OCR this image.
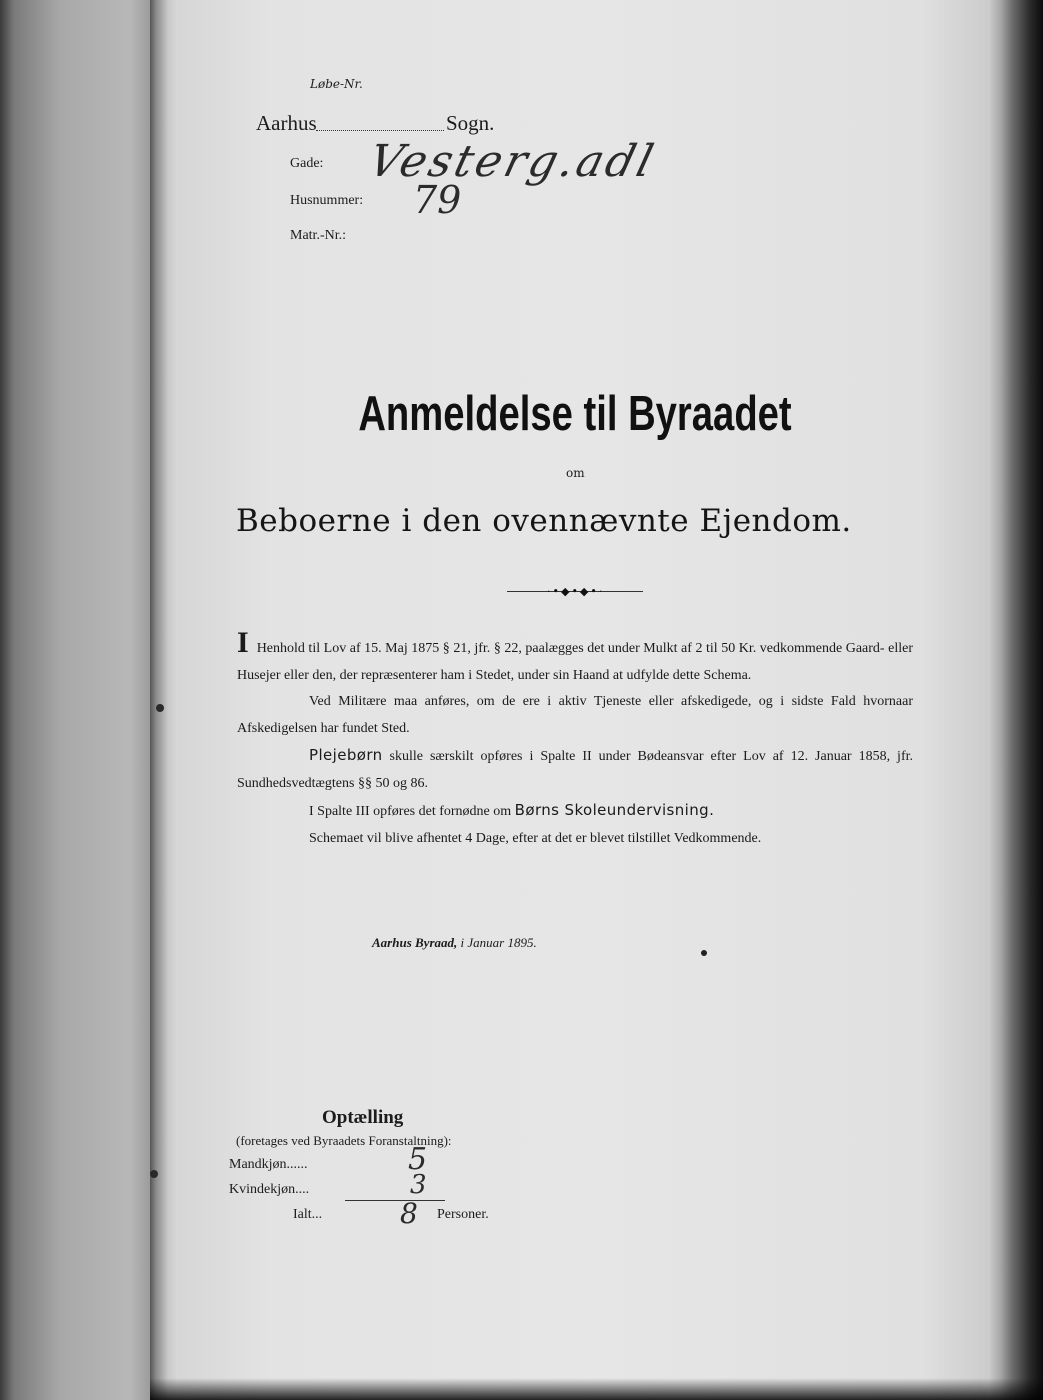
Løbe-Nr.
Aarhus	Sogn.
Gade: Vesterg.adl
Husnummer: 79
Matr.-Nr.:
Anmeldelse til Byraadet
om
Beboerne i den ovennævnte Ejendom.
·•◆•◆•·

I Henhold til Lov af 15. Maj 1875 § 21, jfr. § 22, paalægges det under Mulkt af 2 til 50 Kr. vedkommende Gaard- eller Husejer eller den, der repræsenterer ham i Stedet, under sin Haand at udfylde dette Schema.

Ved Militære maa anføres, om de ere i aktiv Tjeneste eller afskedigede, og i sidste Fald hvornaar Afskedigelsen har fundet Sted.

Plejebørn skulle særskilt opføres i Spalte II under Bødeansvar efter Lov af 12. Januar 1858, jfr. Sundhedsvedtægtens §§ 50 og 86.

I Spalte III opføres det fornødne om Børns Skoleundervisning.

Schemaet vil blive afhentet 4 Dage, efter at det er blevet tilstillet Vedkommende.

Aarhus Byraad, i Januar 1895.
Optælling
(foretages ved Byraadets Foranstaltning):
Mandkjøn......	5
Kvindekjøn....	3
Ialt...	8 Personer.
